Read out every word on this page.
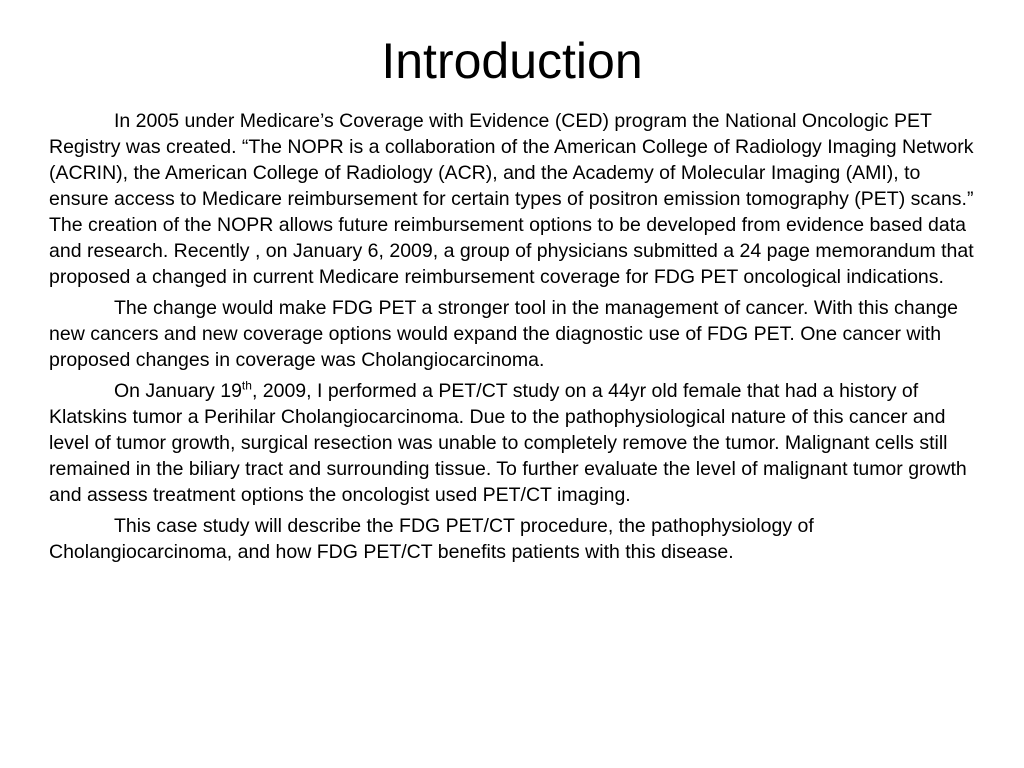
Introduction

In 2005 under Medicare’s Coverage with Evidence (CED) program the National Oncologic PET Registry was created. “The NOPR is a collaboration of the American College of Radiology Imaging Network (ACRIN), the American College of Radiology (ACR), and the Academy of Molecular Imaging (AMI), to ensure access to Medicare reimbursement for certain types of positron emission tomography (PET) scans.” The creation of the NOPR allows future reimbursement options to be developed from evidence based data and research. Recently , on January 6, 2009, a group of physicians submitted a 24 page memorandum that proposed a changed in current Medicare reimbursement coverage for FDG PET oncological indications.

The change would make FDG PET a stronger tool in the management of cancer. With this change new cancers and new coverage options would expand the diagnostic use of FDG PET. One cancer with proposed changes in coverage was Cholangiocarcinoma.

On January 19th, 2009, I performed a PET/CT study on a 44yr old female that had a history of Klatskins tumor a Perihilar Cholangiocarcinoma. Due to the pathophysiological nature of this cancer and level of tumor growth, surgical resection was unable to completely remove the tumor. Malignant cells still remained in the biliary tract and surrounding tissue. To further evaluate the level of malignant tumor growth and assess treatment options the oncologist used PET/CT imaging.

This case study will describe the FDG PET/CT procedure, the pathophysiology of Cholangiocarcinoma, and how FDG PET/CT benefits patients with this disease.
